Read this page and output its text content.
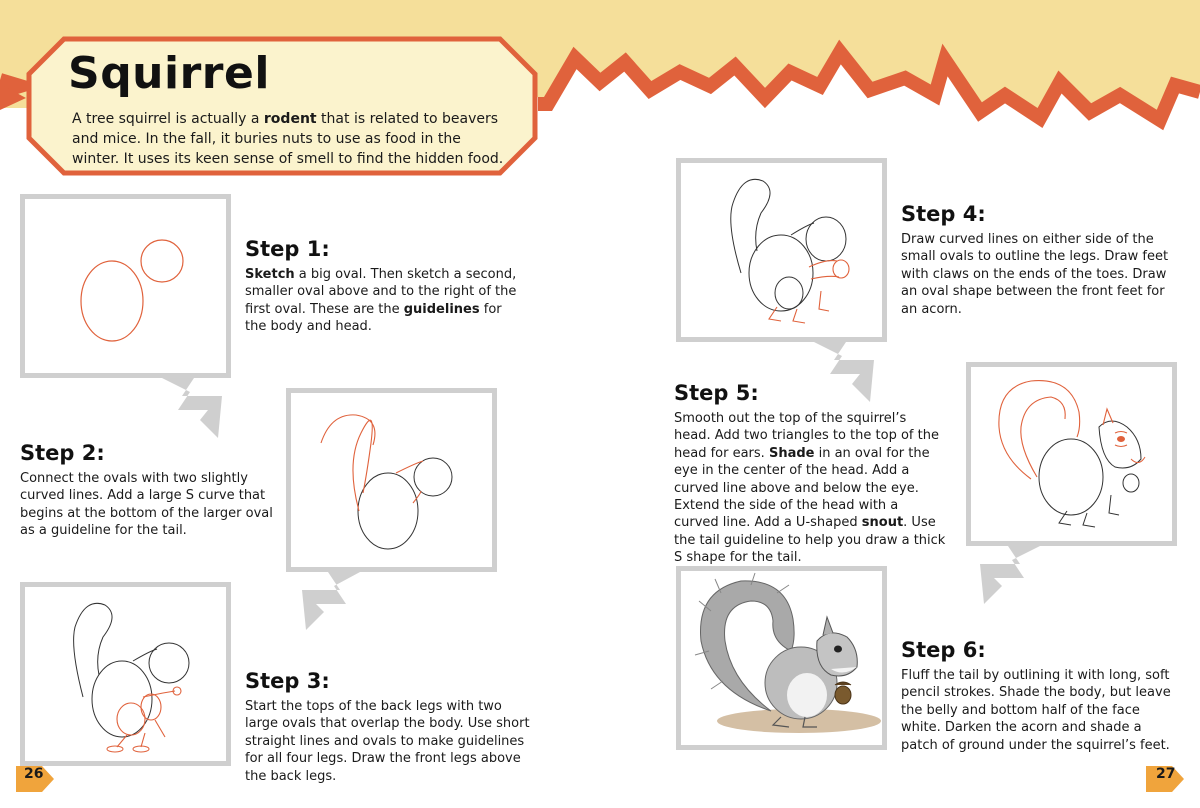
Squirrel

A tree squirrel is actually a rodent that is related to beavers and mice. In the fall, it buries nuts to use as food in the winter. It uses its keen sense of smell to find the hidden food.

Step 1:

Sketch a big oval. Then sketch a second, smaller oval above and to the right of the first oval. These are the guidelines for the body and head.

Step 2:

Connect the ovals with two slightly curved lines. Add a large S curve that begins at the bottom of the larger oval as a guideline for the tail.

Step 3:

Start the tops of the back legs with two large ovals that overlap the body. Use short straight lines and ovals to make guidelines for all four legs. Draw the front legs above the back legs.

Step 4:

Draw curved lines on either side of the small ovals to outline the legs. Draw feet with claws on the ends of the toes. Draw an oval shape between the front feet for an acorn.

Step 5:

Smooth out the top of the squirrel’s head. Add two triangles to the top of the head for ears. Shade in an oval for the eye in the center of the head. Add a curved line above and below the eye. Extend the side of the head with a curved line. Add a U-shaped snout. Use the tail guideline to help you draw a thick S shape for the tail.

Step 6:

Fluff the tail by outlining it with long, soft pencil strokes. Shade the body, but leave the belly and bottom half of the face white. Darken the acorn and shade a patch of ground under the squirrel’s feet.

26	27
